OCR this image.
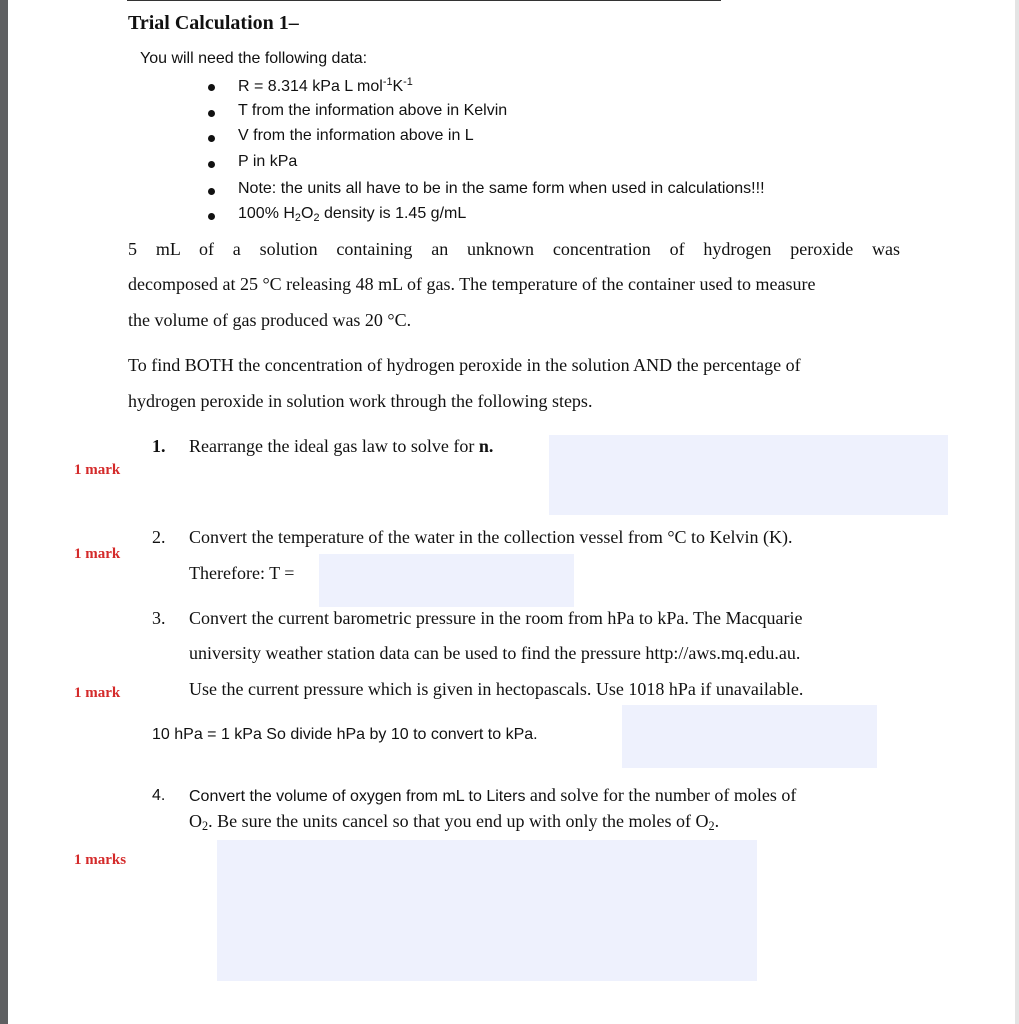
Trial Calculation 1–
You will need the following data:
R = 8.314 kPa L $mol^{-1}K^{-1}$
T from the information above in Kelvin
V from the information above in L
P in kPa
Note: the units all have to be in the same form when used in calculations!!!
100% $H_2O_2$ density is 1.45 g/mL
5 mL of a solution containing an unknown concentration of hydrogen peroxide was
decomposed at 25 °C releasing 48 mL of gas. The temperature of the container used to measure
the volume of gas produced was 20 °C.
To find BOTH the concentration of hydrogen peroxide in the solution AND the percentage of
hydrogen peroxide in solution work through the following steps.
1. Rearrange the ideal gas law to solve for n.
1 mark
2. Convert the temperature of the water in the collection vessel from °C to Kelvin (K).
1 mark
Therefore: T =
3. Convert the current barometric pressure in the room from hPa to kPa. The Macquarie
university weather station data can be used to find the pressure http://aws.mq.edu.au.
Use the current pressure which is given in hectopascals. Use 1018 hPa if unavailable.
1 mark
10 hPa = 1 kPa So divide hPa by 10 to convert to kPa.
4. Convert the volume of oxygen from mL to Liters and solve for the number of moles of
$O_2$. Be sure the units cancel so that you end up with only the moles of $O_2$.
1 marks
